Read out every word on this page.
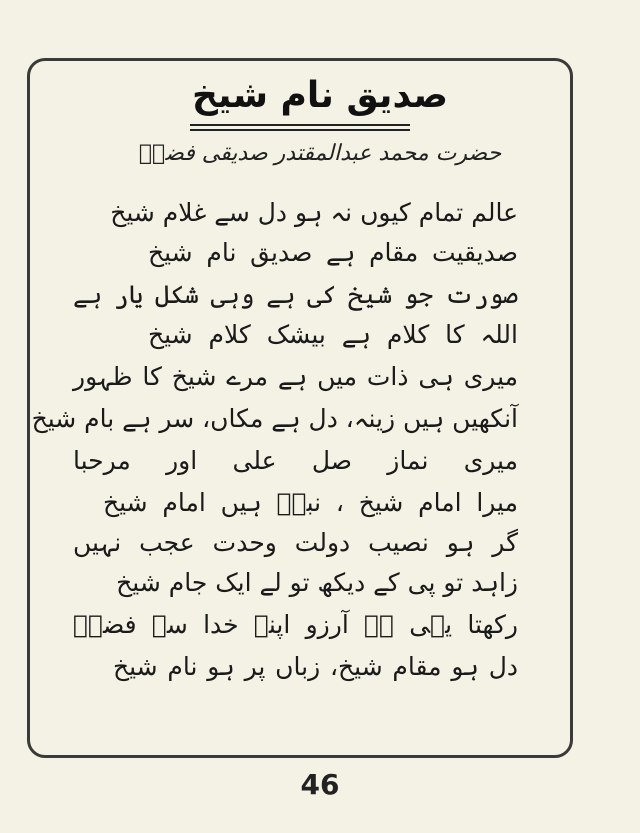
صدیق نام شیخ
حضرت محمد عبدالمقتدر صدیقی فضلؒ
عالم تمام کیوں نہ ہو دل سے غلام شیخ
صدیقیت مقام ہے صدیق نام شیخ
صورت جو شیخ کی ہے وہی شکل یار ہے
اللہ کا کلام ہے بیشک کلام شیخ
میری ہی ذات میں ہے مرے شیخ کا ظہور
آنکھیں ہیں زینہ، دل ہے مکاں، سر ہے بام شیخ
میری نماز صل علی اور مرحبا
میرا امام شیخ ، نبیؐ ہیں امام شیخ
گر ہو نصیب دولت وحدت عجب نہیں
زاہد تو پی کے دیکھ تو لے ایک جام شیخ
رکھتا یہی ہے آرزو اپنے خدا سے فضلؔ
دل ہو مقام شیخ، زباں پر ہو نام شیخ
46
